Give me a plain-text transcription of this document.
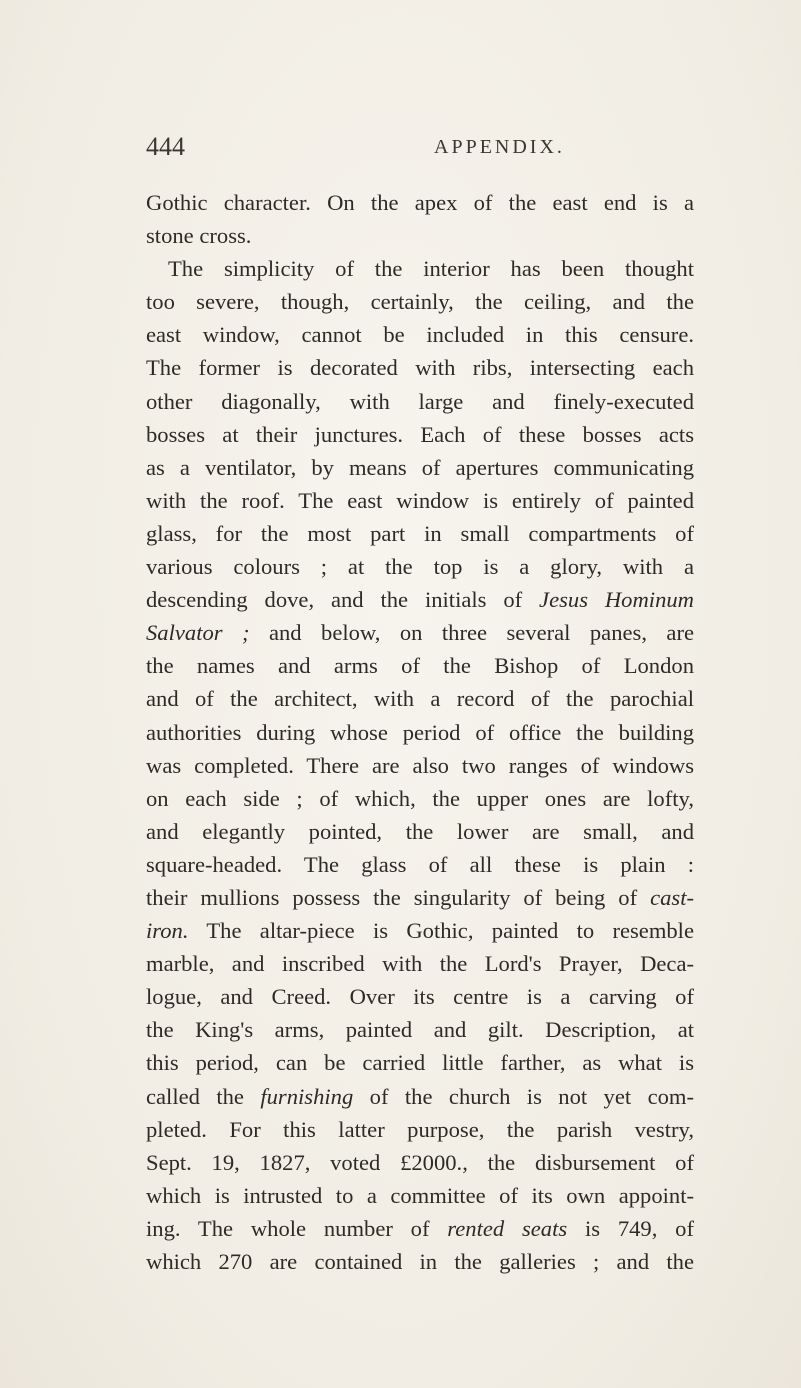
444	APPENDIX.
Gothic character. On the apex of the east end is a
stone cross.
The simplicity of the interior has been thought
too severe, though, certainly, the ceiling, and the
east window, cannot be included in this censure.
The former is decorated with ribs, intersecting each
other diagonally, with large and finely-executed
bosses at their junctures. Each of these bosses acts
as a ventilator, by means of apertures communicating
with the roof. The east window is entirely of painted
glass, for the most part in small compartments of
various colours ; at the top is a glory, with a
descending dove, and the initials of Jesus Hominum
Salvator ; and below, on three several panes, are
the names and arms of the Bishop of London
and of the architect, with a record of the parochial
authorities during whose period of office the building
was completed. There are also two ranges of windows
on each side ; of which, the upper ones are lofty,
and elegantly pointed, the lower are small, and
square-headed. The glass of all these is plain :
their mullions possess the singularity of being of cast-
iron. The altar-piece is Gothic, painted to resemble
marble, and inscribed with the Lord's Prayer, Deca-
logue, and Creed. Over its centre is a carving of
the King's arms, painted and gilt. Description, at
this period, can be carried little farther, as what is
called the furnishing of the church is not yet com-
pleted. For this latter purpose, the parish vestry,
Sept. 19, 1827, voted £2000., the disbursement of
which is intrusted to a committee of its own appoint-
ing. The whole number of rented seats is 749, of
which 270 are contained in the galleries ; and the
